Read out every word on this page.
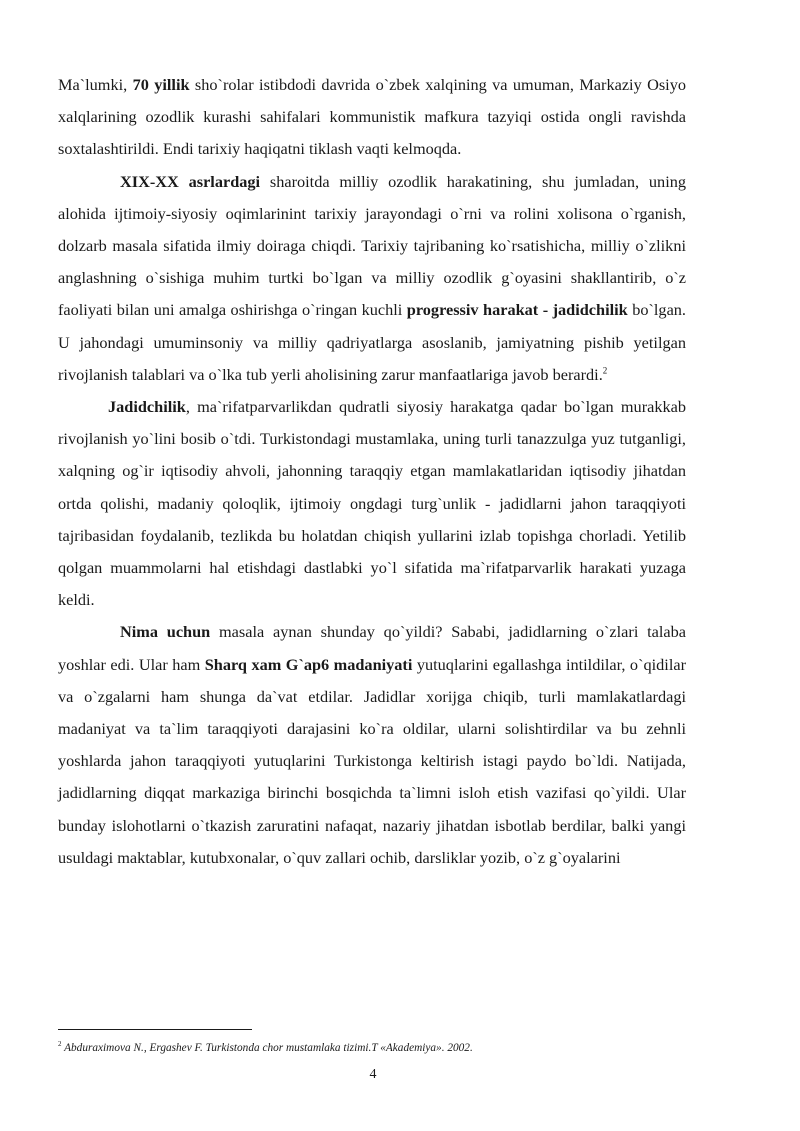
Ma`lumki, 70 yillik sho`rolar istibdodi davrida o`zbek xalqining va umuman, Markaziy Osiyo xalqlarining ozodlik kurashi sahifalari kommunistik mafkura tazyiqi ostida ongli ravishda soxtalashtirildi. Endi tarixiy haqiqatni tiklash vaqti kelmoqda.

XIX-XX asrlardagi sharoitda milliy ozodlik harakatining, shu jumladan, uning alohida ijtimoiy-siyosiy oqimlarinint tarixiy jarayondagi o`rni va rolini xolisona o`rganish, dolzarb masala sifatida ilmiy doiraga chiqdi. Tarixiy tajribaning ko`rsatishicha, milliy o`zlikni anglashning o`sishiga muhim turtki bo`lgan va milliy ozodlik g`oyasini shakllantirib, o`z faoliyati bilan uni amalga oshirishga o`ringan kuchli progressiv harakat - jadidchilik bo`lgan. U jahondagi umuminsoniy va milliy qadriyatlarga asoslanib, jamiyatning pishib yetilgan rivojlanish talablari va o`lka tub yerli aholisining zarur manfaatlariga javob berardi.$^2$

Jadidchilik, ma`rifatparvarlikdan qudratli siyosiy harakatga qadar bo`lgan murakkab rivojlanish yo`lini bosib o`tdi. Turkistondagi mustamlaka, uning turli tanazzulga yuz tutganligi, xalqning og`ir iqtisodiy ahvoli, jahonning taraqqiy etgan mamlakatlaridan iqtisodiy jihatdan ortda qolishi, madaniy qoloqlik, ijtimoiy ongdagi turg`unlik - jadidlarni jahon taraqqiyoti tajribasidan foydalanib, tezlikda bu holatdan chiqish yullarini izlab topishga chorladi. Yetilib qolgan muammolarni hal etishdagi dastlabki yo`l sifatida ma`rifatparvarlik harakati yuzaga keldi.

Nima uchun masala aynan shunday qo`yildi? Sababi, jadidlarning o`zlari talaba yoshlar edi. Ular ham Sharq xam G`ap6 madaniyati yutuqlarini egallashga intildilar, o`qidilar va o`zgalarni ham shunga da`vat etdilar. Jadidlar xorijga chiqib, turli mamlakatlardagi madaniyat va ta`lim taraqqiyoti darajasini ko`ra oldilar, ularni solishtirdilar va bu zehnli yoshlarda jahon taraqqiyoti yutuqlarini Turkistonga keltirish istagi paydo bo`ldi. Natijada, jadidlarning diqqat markaziga birinchi bosqichda ta`limni isloh etish vazifasi qo`yildi. Ular bunday islohotlarni o`tkazish zaruratini nafaqat, nazariy jihatdan isbotlab berdilar, balki yangi usuldagi maktablar, kutubxonalar, o`quv zallari ochib, darsliklar yozib, o`z g`oyalarini

$^2$ Abduraximova N., Ergashev F. Turkistonda chor mustamlaka tizimi.T «Akademiya». 2002.
4
